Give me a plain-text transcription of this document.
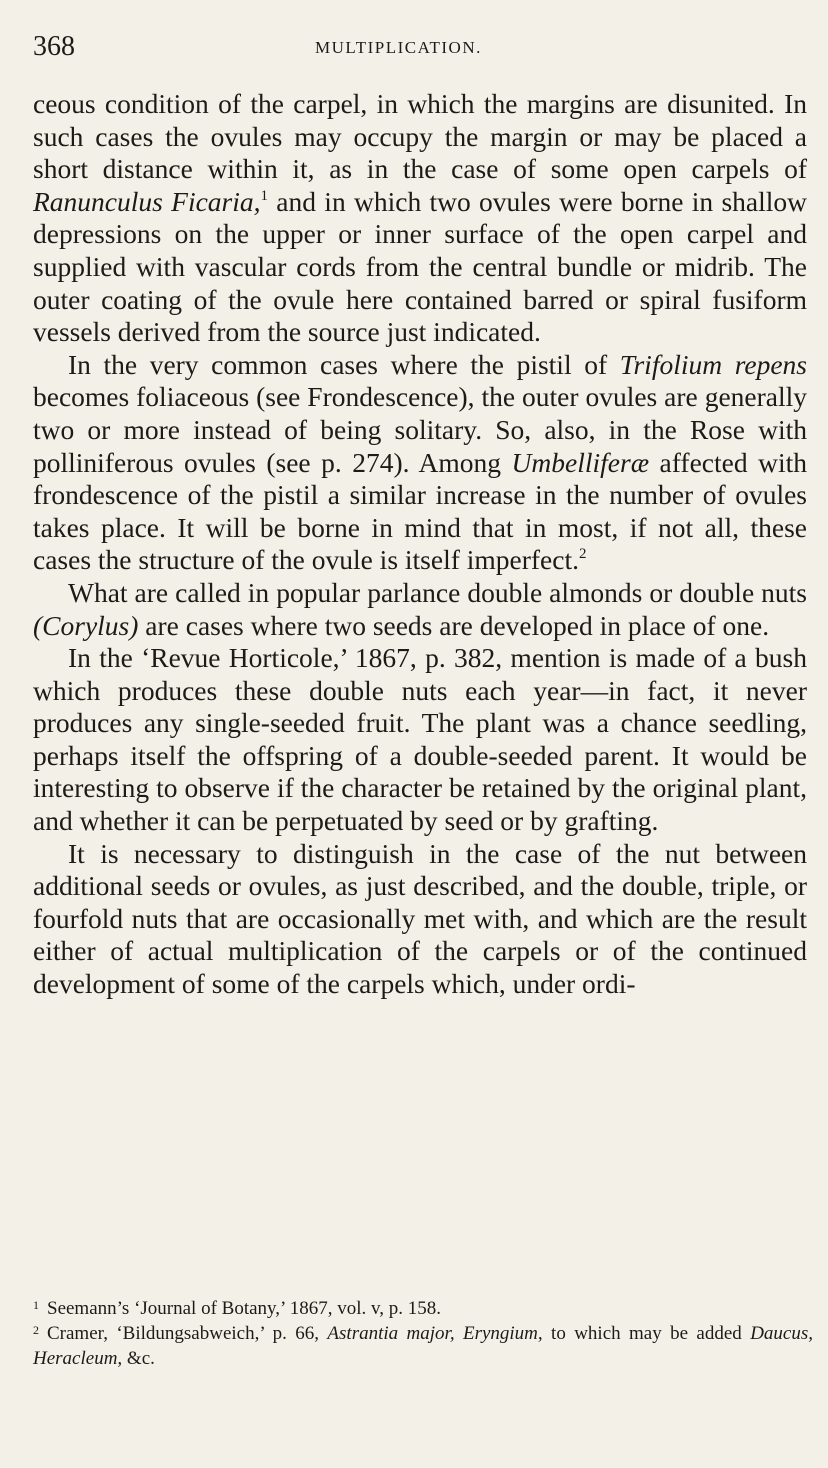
368	MULTIPLICATION.

ceous condition of the carpel, in which the margins are disunited. In such cases the ovules may occupy the margin or may be placed a short distance within it, as in the case of some open carpels of Ranunculus Ficaria,$^1$ and in which two ovules were borne in shallow depressions on the upper or inner surface of the open carpel and supplied with vascular cords from the central bundle or midrib. The outer coating of the ovule here contained barred or spiral fusiform vessels derived from the source just indicated.

In the very common cases where the pistil of Trifolium repens becomes foliaceous (see Frondescence), the outer ovules are generally two or more instead of being solitary. So, also, in the Rose with polliniferous ovules (see p. 274). Among Umbelliferæ affected with frondescence of the pistil a similar increase in the number of ovules takes place. It will be borne in mind that in most, if not all, these cases the structure of the ovule is itself imperfect.$^2$

What are called in popular parlance double almonds or double nuts (Corylus) are cases where two seeds are developed in place of one.

In the ‘Revue Horticole,’ 1867, p. 382, mention is made of a bush which produces these double nuts each year—in fact, it never produces any single-seeded fruit. The plant was a chance seedling, perhaps itself the offspring of a double-seeded parent. It would be interesting to observe if the character be retained by the original plant, and whether it can be perpetuated by seed or by grafting.

It is necessary to distinguish in the case of the nut between additional seeds or ovules, as just described, and the double, triple, or fourfold nuts that are occasionally met with, and which are the result either of actual multiplication of the carpels or of the continued development of some of the carpels which, under ordi-

$^1$ Seemann’s ‘Journal of Botany,’ 1867, vol. v, p. 158.

$^2$ Cramer, ‘Bildungsabweich,’ p. 66, Astrantia major, Eryngium, to which may be added Daucus, Heracleum, &c.
